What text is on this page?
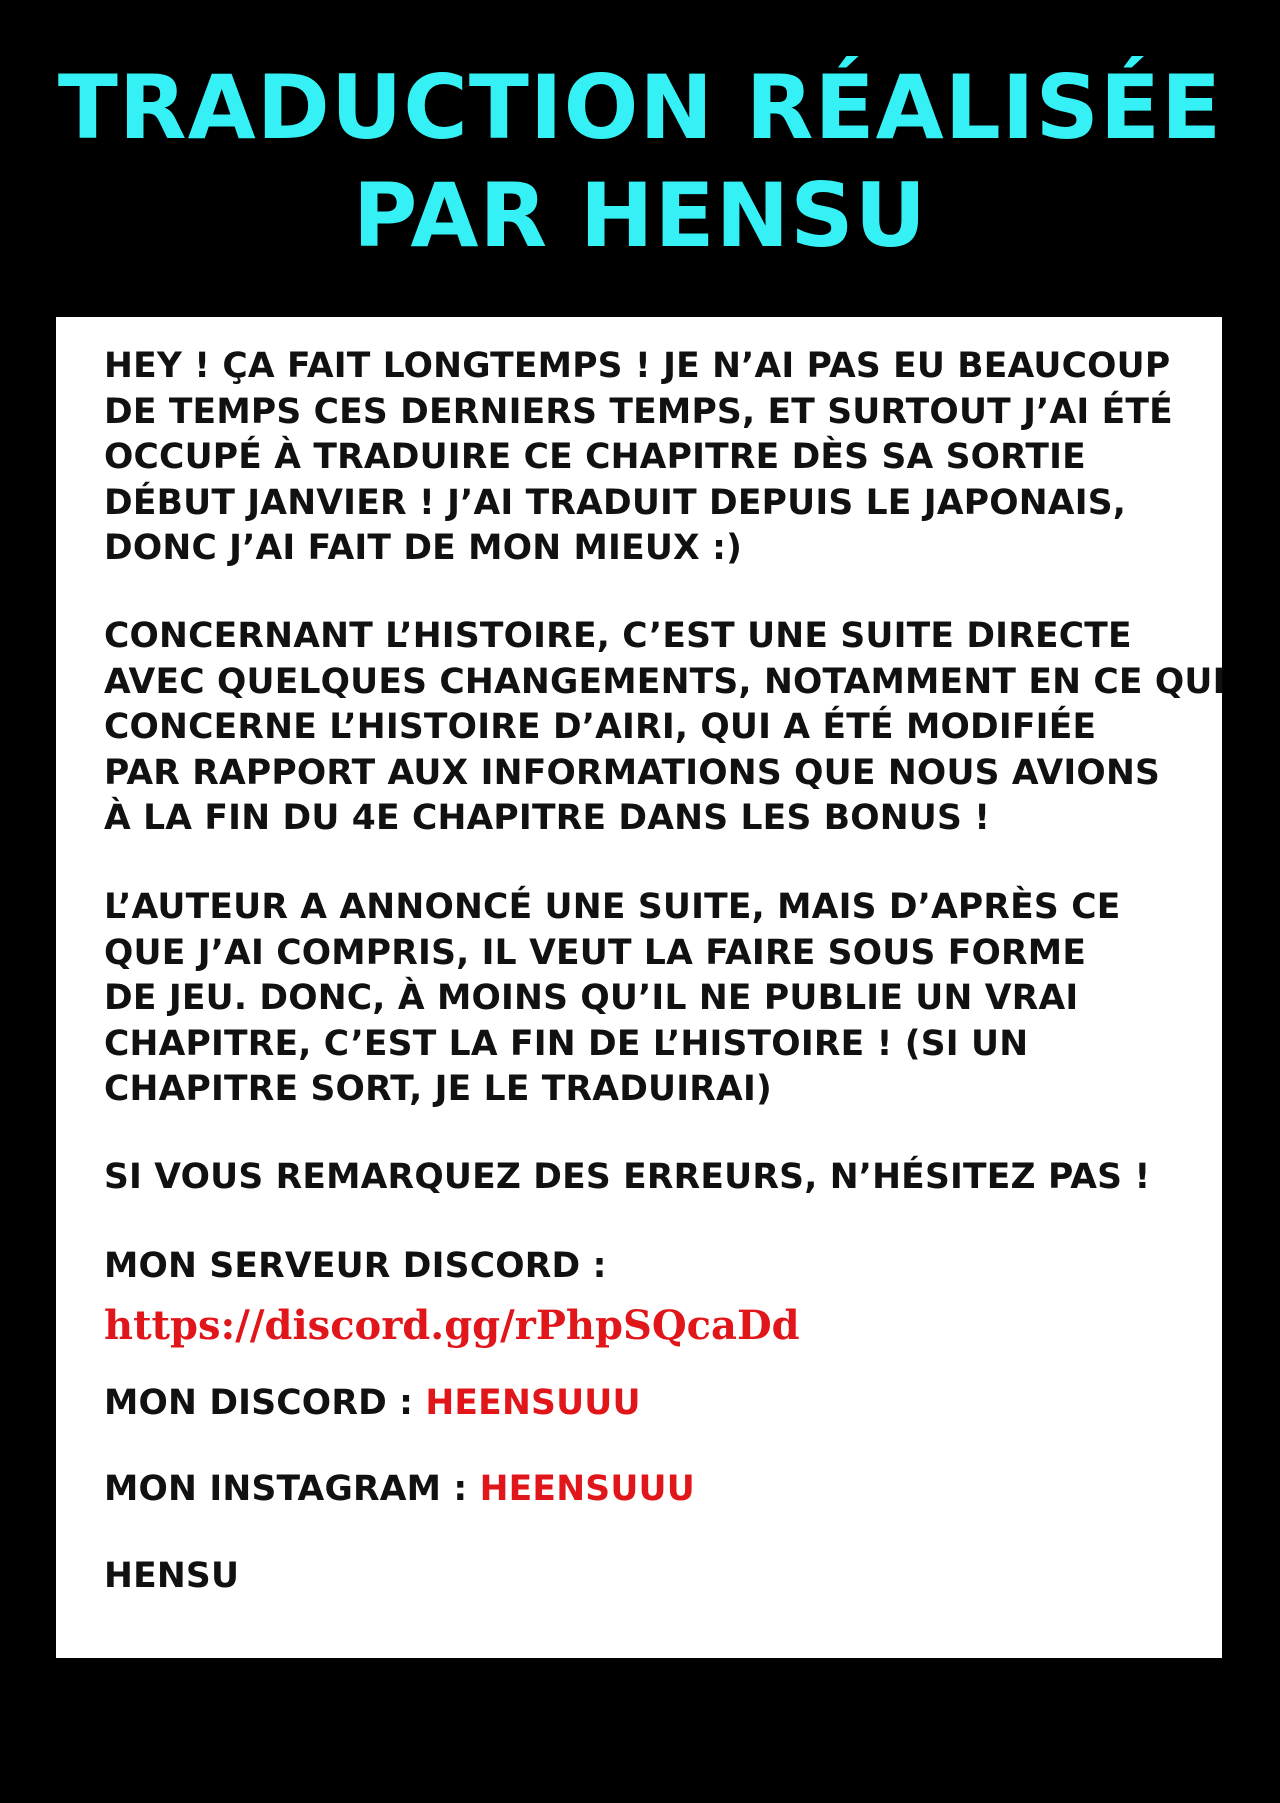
TRADUCTION RÉALISÉE
PAR HENSU

HEY ! ÇA FAIT LONGTEMPS ! JE N’AI PAS EU BEAUCOUP
DE TEMPS CES DERNIERS TEMPS, ET SURTOUT J’AI ÉTÉ
OCCUPÉ À TRADUIRE CE CHAPITRE DÈS SA SORTIE
DÉBUT JANVIER ! J’AI TRADUIT DEPUIS LE JAPONAIS,
DONC J’AI FAIT DE MON MIEUX :)

CONCERNANT L’HISTOIRE, C’EST UNE SUITE DIRECTE
AVEC QUELQUES CHANGEMENTS, NOTAMMENT EN CE QUI
CONCERNE L’HISTOIRE D’AIRI, QUI A ÉTÉ MODIFIÉE
PAR RAPPORT AUX INFORMATIONS QUE NOUS AVIONS
À LA FIN DU 4E CHAPITRE DANS LES BONUS !

L’AUTEUR A ANNONCÉ UNE SUITE, MAIS D’APRÈS CE
QUE J’AI COMPRIS, IL VEUT LA FAIRE SOUS FORME
DE JEU. DONC, À MOINS QU’IL NE PUBLIE UN VRAI
CHAPITRE, C’EST LA FIN DE L’HISTOIRE ! (SI UN
CHAPITRE SORT, JE LE TRADUIRAI)

SI VOUS REMARQUEZ DES ERREURS, N’HÉSITEZ PAS !

MON SERVEUR DISCORD :

https://discord.gg/rPhpSQcaDd

MON DISCORD : HEENSUUU

MON INSTAGRAM : HEENSUUU

HENSU
